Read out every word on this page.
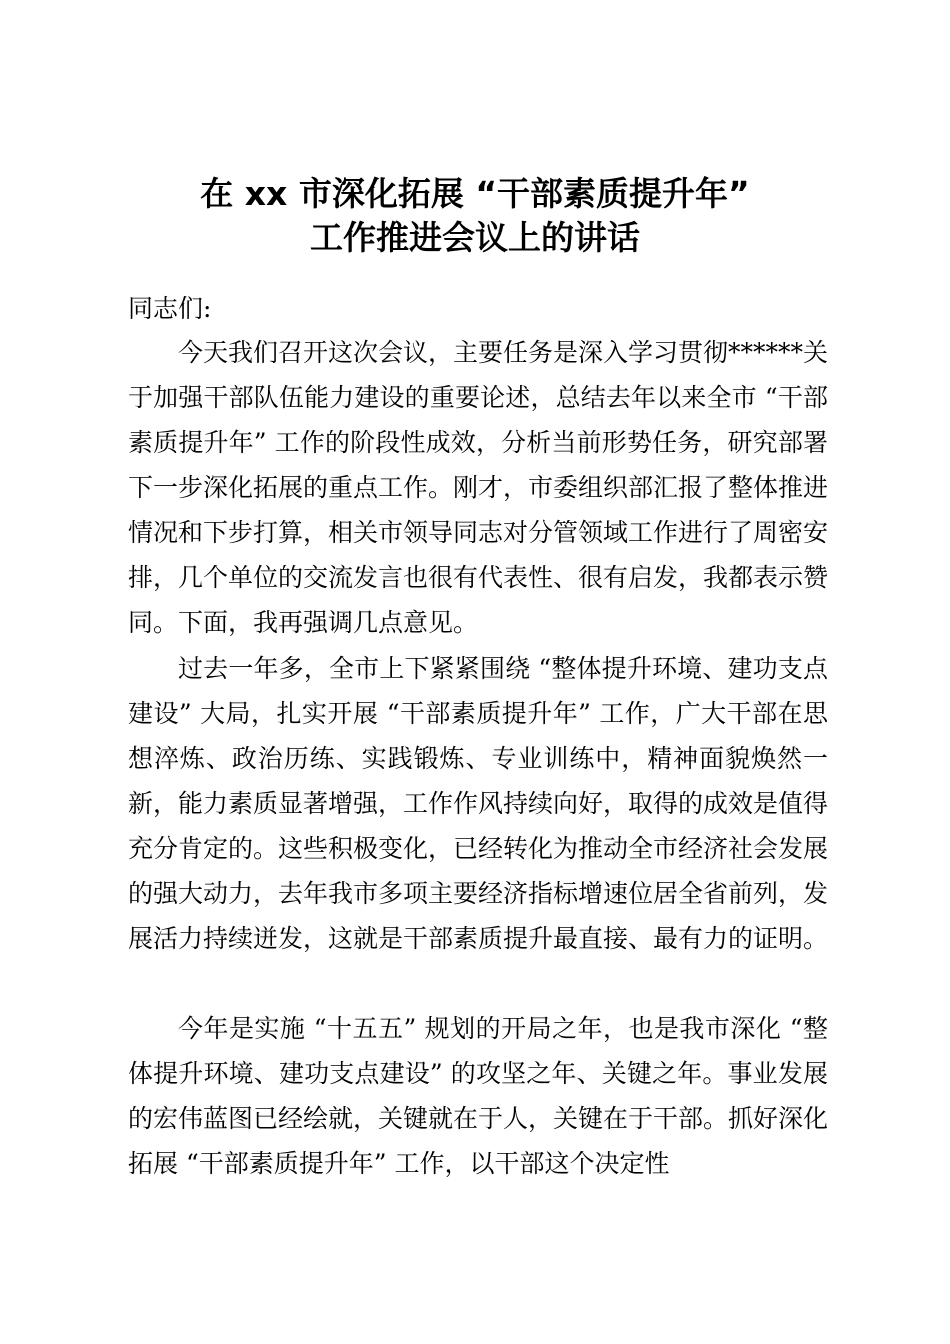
在 xx 市深化拓展 “干部素质提升年”
工作推进会议上的讲话
同志们:
今天我们召开这次会议，主要任务是深入学习贯彻******关于加强干部队伍能力建设的重要论述，总结去年以来全市 “干部素质提升年” 工作的阶段性成效，分析当前形势任务，研究部署下一步深化拓展的重点工作。刚才，市委组织部汇报了整体推进情况和下步打算，相关市领导同志对分管领域工作进行了周密安排，几个单位的交流发言也很有代表性、很有启发，我都表示赞同。下面，我再强调几点意见。
过去一年多，全市上下紧紧围绕 “整体提升环境、建功支点建设” 大局，扎实开展 “干部素质提升年” 工作，广大干部在思想淬炼、政治历练、实践锻炼、专业训练中，精神面貌焕然一新，能力素质显著增强，工作作风持续向好，取得的成效是值得充分肯定的。这些积极变化，已经转化为推动全市经济社会发展的强大动力，去年我市多项主要经济指标增速位居全省前列，发展活力持续迸发，这就是干部素质提升最直接、最有力的证明。
今年是实施 “十五五” 规划的开局之年，也是我市深化 “整体提升环境、建功支点建设” 的攻坚之年、关键之年。事业发展的宏伟蓝图已经绘就，关键就在于人，关键在于干部。抓好深化拓展 “干部素质提升年” 工作，以干部这个决定性
